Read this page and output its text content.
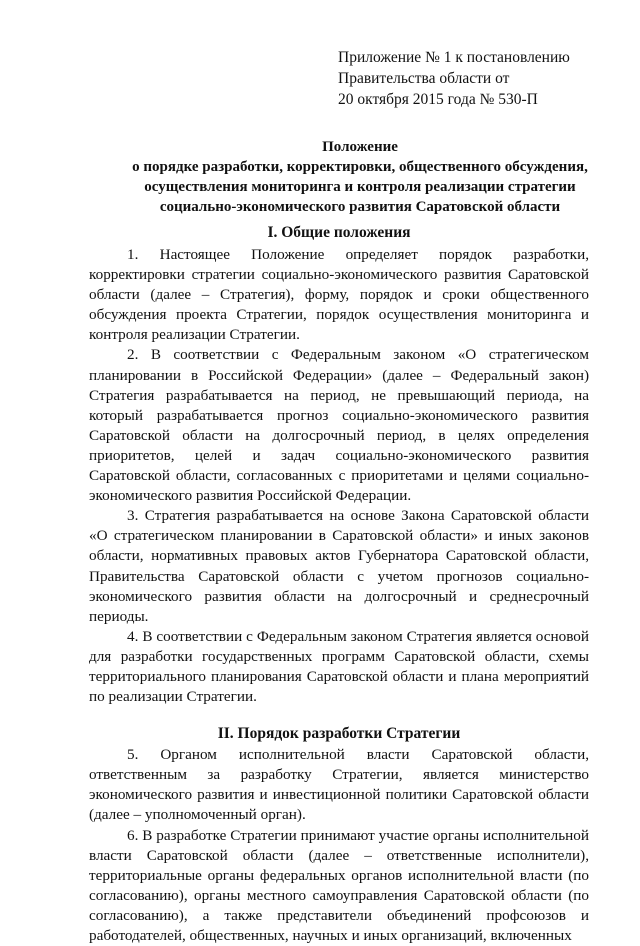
Приложение № 1 к постановлению
Правительства области от
20 октября 2015 года № 530-П
Положение
о порядке разработки, корректировки, общественного обсуждения,
осуществления мониторинга и контроля реализации стратегии
социально-экономического развития Саратовской области

I. Общие положения

1. Настоящее Положение определяет порядок разработки, корректировки стратегии социально-экономического развития Саратовской области (далее – Стратегия), форму, порядок и сроки общественного обсуждения проекта Стратегии, порядок осуществления мониторинга и контроля реализации Стратегии.

2. В соответствии с Федеральным законом «О стратегическом планировании в Российской Федерации» (далее – Федеральный закон) Стратегия разрабатывается на период, не превышающий периода, на который разрабатывается прогноз социально-экономического развития Саратовской области на долгосрочный период, в целях определения приоритетов, целей и задач социально-экономического развития Саратовской области, согласованных с приоритетами и целями социально-экономического развития Российской Федерации.

3. Стратегия разрабатывается на основе Закона Саратовской области «О стратегическом планировании в Саратовской области» и иных законов области, нормативных правовых актов Губернатора Саратовской области, Правительства Саратовской области с учетом прогнозов социально-экономического развития области на долгосрочный и среднесрочный периоды.

4. В соответствии с Федеральным законом Стратегия является основой для разработки государственных программ Саратовской области, схемы территориального планирования Саратовской области и плана мероприятий по реализации Стратегии.

II. Порядок разработки Стратегии

5. Органом исполнительной власти Саратовской области, ответственным за разработку Стратегии, является министерство экономического развития и инвестиционной политики Саратовской области (далее – уполномоченный орган).

6. В разработке Стратегии принимают участие органы исполнительной власти Саратовской области (далее – ответственные исполнители), территориальные органы федеральных органов исполнительной власти (по согласованию), органы местного самоуправления Саратовской области (по согласованию), а также представители объединений профсоюзов и работодателей, общественных, научных и иных организаций, включенных
